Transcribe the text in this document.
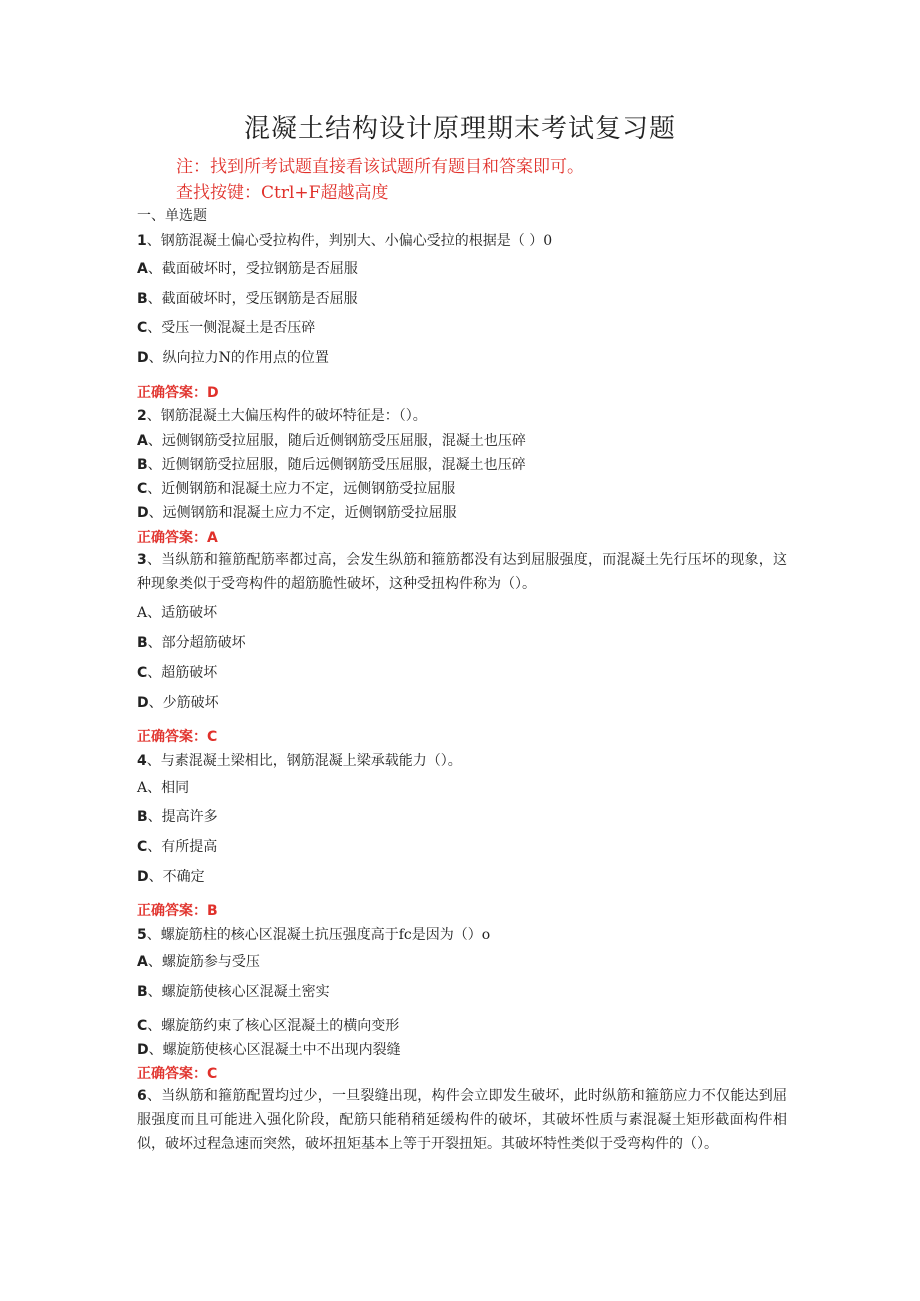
混凝土结构设计原理期末考试复习题
注：找到所考试题直接看该试题所有题目和答案即可。
查找按键：Ctrl+F超越高度
一、单选题
1、钢筋混凝土偏心受拉构件，判别大、小偏心受拉的根据是（ ）0
A、截面破坏时，受拉钢筋是否屈服
B、截面破坏时，受压钢筋是否屈服
C、受压一侧混凝土是否压碎
D、纵向拉力N的作用点的位置
正确答案：D
2、钢筋混凝土大偏压构件的破坏特征是：（）。
A、远侧钢筋受拉屈服，随后近侧钢筋受压屈服，混凝土也压碎
B、近侧钢筋受拉屈服，随后远侧钢筋受压屈服，混凝土也压碎
C、近侧钢筋和混凝土应力不定，远侧钢筋受拉屈服
D、远侧钢筋和混凝土应力不定，近侧钢筋受拉屈服
正确答案：A
3、当纵筋和箍筋配筋率都过高，会发生纵筋和箍筋都没有达到屈服强度，而混凝土先行压坏的现象，这种现象类似于受弯构件的超筋脆性破坏，这种受扭构件称为（）。
A、适筋破坏
B、部分超筋破坏
C、超筋破坏
D、少筋破坏
正确答案：C
4、与素混凝土梁相比，钢筋混凝上梁承载能力（）。
A、相同
B、提高许多
C、有所提高
D、不确定
正确答案：B
5、螺旋筋柱的核心区混凝土抗压强度高于fc是因为（）o
A、螺旋筋参与受压
B、螺旋筋使核心区混凝土密实
C、螺旋筋约束了核心区混凝土的横向变形
D、螺旋筋使核心区混凝土中不出现内裂缝
正确答案：C
6、当纵筋和箍筋配置均过少，一旦裂缝出现，构件会立即发生破坏，此时纵筋和箍筋应力不仅能达到屈服强度而且可能进入强化阶段，配筋只能稍稍延缓构件的破坏，其破坏性质与素混凝土矩形截面构件相似，破坏过程急速而突然，破坏扭矩基本上等于开裂扭矩。其破坏特性类似于受弯构件的（）。
